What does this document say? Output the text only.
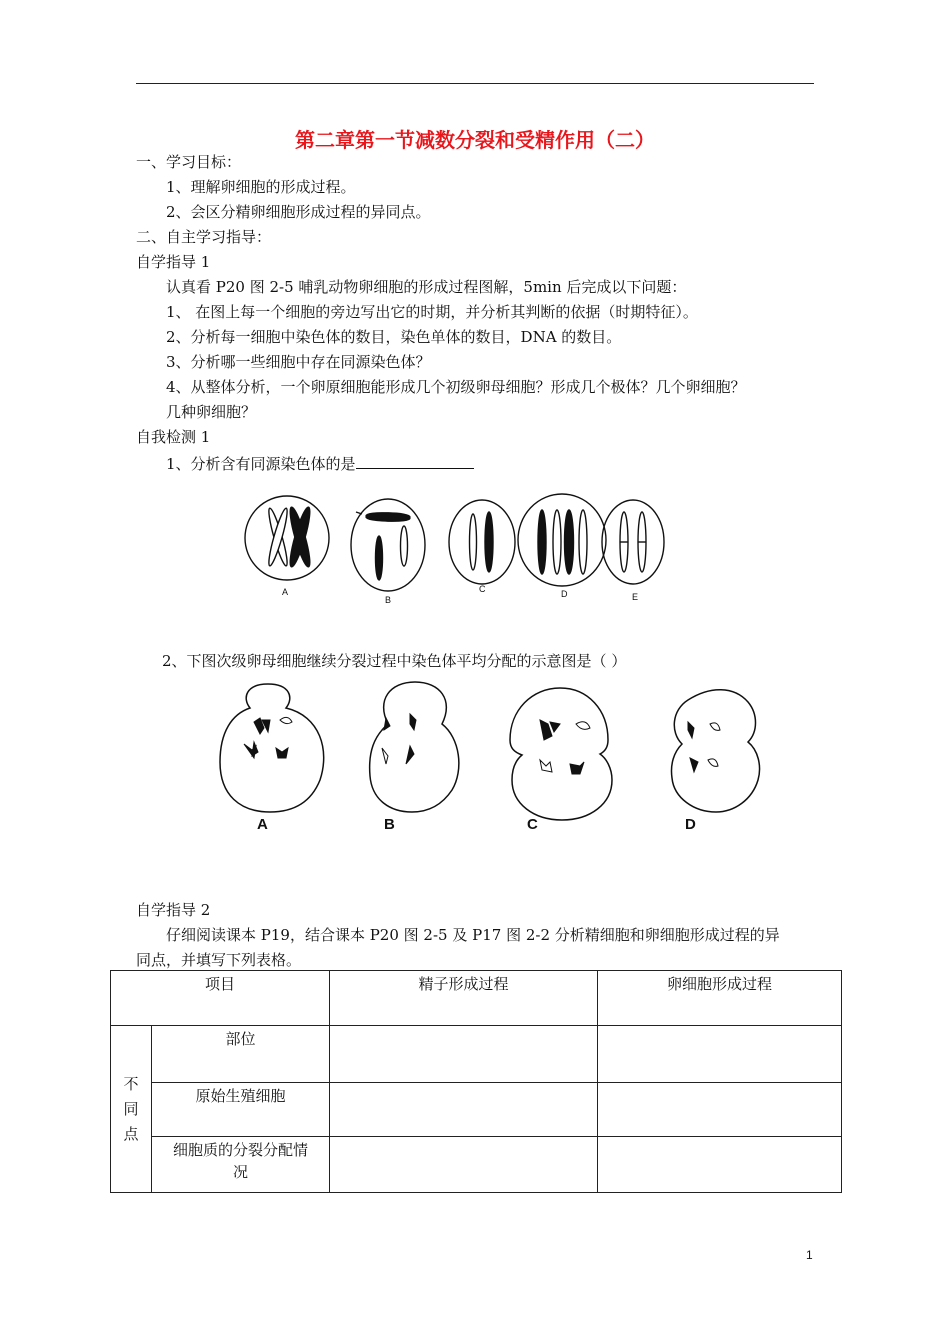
第二章第一节减数分裂和受精作用（二）
一、学习目标：
1、理解卵细胞的形成过程。
2、会区分精卵细胞形成过程的异同点。
二、自主学习指导：
自学指导 1
认真看 P20 图 2-5 哺乳动物卵细胞的形成过程图解，5min 后完成以下问题：
1、 在图上每一个细胞的旁边写出它的时期，并分析其判断的依据（时期特征）。
2、分析每一细胞中染色体的数目，染色单体的数目，DNA 的数目。
3、分析哪一些细胞中存在同源染色体？
4、从整体分析，一个卵原细胞能形成几个初级卵母细胞？形成几个极体？几个卵细胞？
几种卵细胞？
自我检测 1
1、分析含有同源染色体的是
A
B
C	D	E
2、下图次级卵母细胞继续分裂过程中染色体平均分配的示意图是（ ）
A	B	C	D
自学指导 2
仔细阅读课本 P19，结合课本 P20 图 2-5 及 P17 图 2-2 分析精细胞和卵细胞形成过程的异
同点，并填写下列表格。
项目		精子形成过程	卵细胞形成过程
不
同
点	部位		
	原始生殖细胞		
	细胞质的分裂分配情况		
1
